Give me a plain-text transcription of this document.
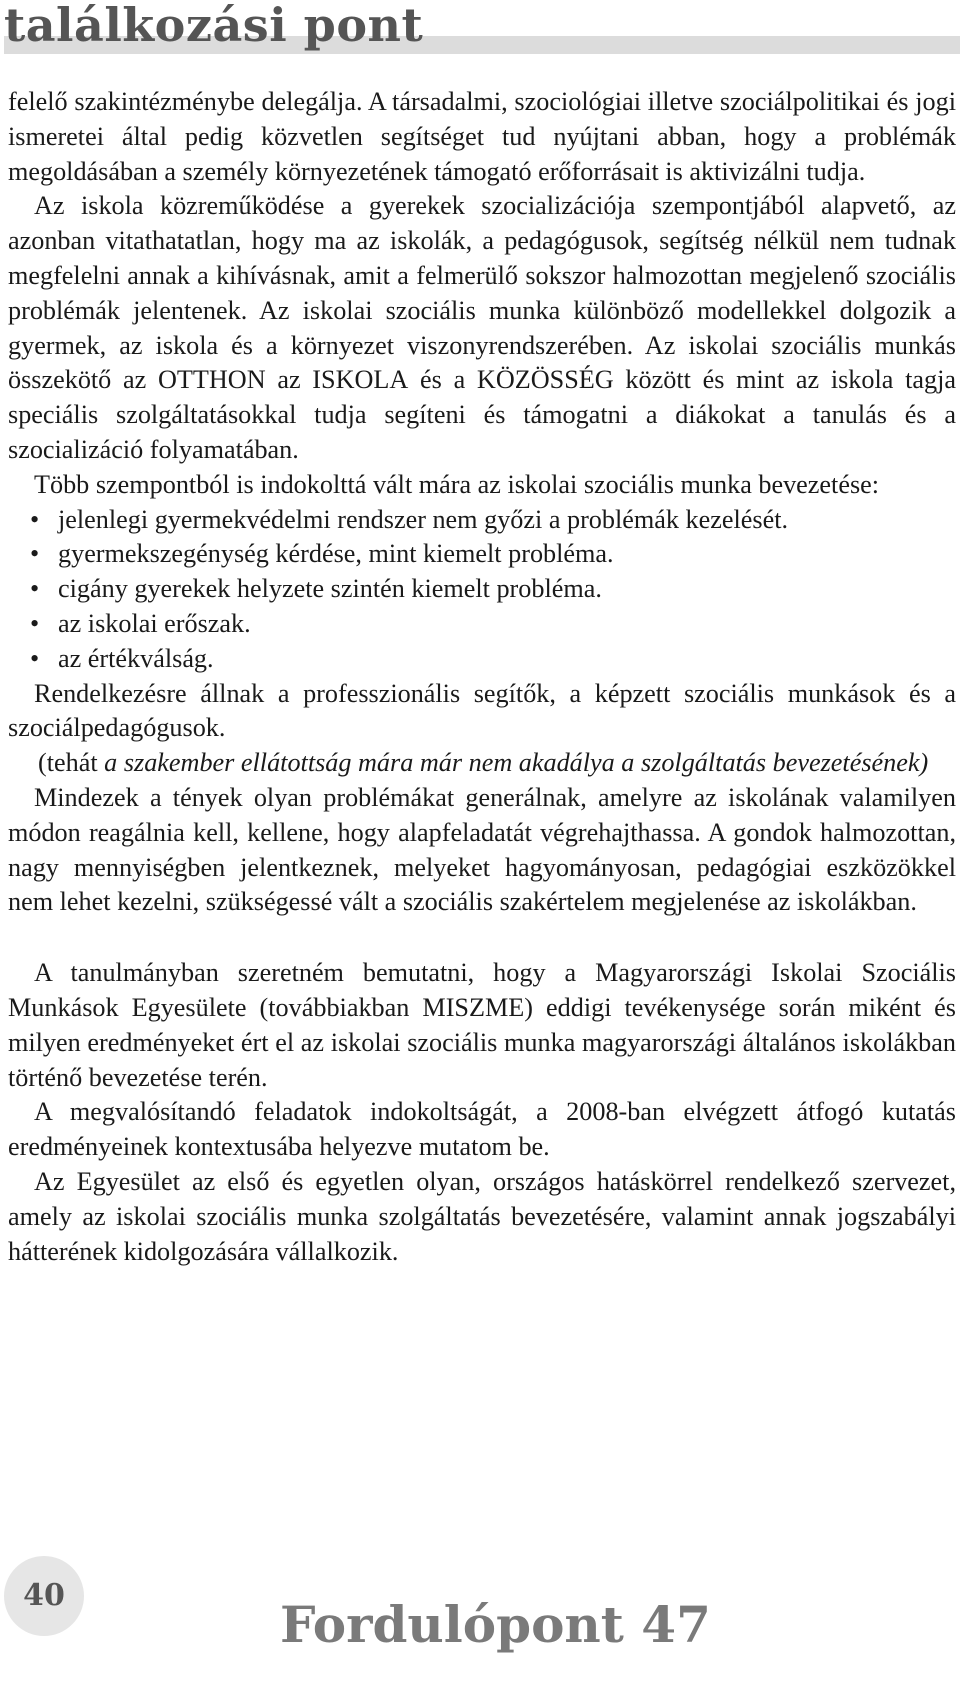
találkozási pont

felelő szakintézménybe delegálja. A társadalmi, szociológiai illetve szociálpolitikai és jogi ismeretei által pedig közvetlen segítséget tud nyújtani abban, hogy a problémák megoldásában a személy környezetének támogató erőforrásait is aktivizálni tudja.

Az iskola közreműködése a gyerekek szocializációja szempontjából alapvető, az azonban vitathatatlan, hogy ma az iskolák, a pedagógusok, segítség nélkül nem tudnak megfelelni annak a kihívásnak, amit a felmerülő sokszor halmozottan megjelenő szociális problémák jelentenek. Az iskolai szociális munka különböző modellekkel dolgozik a gyermek, az iskola és a környezet viszonyrendszerében. Az iskolai szociális munkás összekötő az OTTHON az ISKOLA és a KÖZÖSSÉG között és mint az iskola tagja speciális szolgáltatásokkal tudja segíteni és támogatni a diákokat a tanulás és a szocializáció folyamatában.

Több szempontból is indokolttá vált mára az iskolai szociális munka bevezetése:

• jelenlegi gyermekvédelmi rendszer nem győzi a problémák kezelését.
• gyermekszegénység kérdése, mint kiemelt probléma.
• cigány gyerekek helyzete szintén kiemelt probléma.
• az iskolai erőszak.
• az értékválság.

Rendelkezésre állnak a professzionális segítők, a képzett szociális munkások és a szociálpedagógusok.

(tehát a szakember ellátottság mára már nem akadálya a szolgáltatás bevezetésének)

Mindezek a tények olyan problémákat generálnak, amelyre az iskolának valamilyen módon reagálnia kell, kellene, hogy alapfeladatát végrehajthassa. A gondok halmozottan, nagy mennyiségben jelentkeznek, melyeket hagyományosan, pedagógiai eszközökkel nem lehet kezelni, szükségessé vált a szociális szakértelem megjelenése az iskolákban.

A tanulmányban szeretném bemutatni, hogy a Magyarországi Iskolai Szociális Munkások Egyesülete (továbbiakban MISZME) eddigi tevékenysége során miként és milyen eredményeket ért el az iskolai szociális munka magyarországi általános iskolákban történő bevezetése terén.

A megvalósítandó feladatok indokoltságát, a 2008-ban elvégzett átfogó kutatás eredményeinek kontextusába helyezve mutatom be.

Az Egyesület az első és egyetlen olyan, országos hatáskörrel rendelkező szervezet, amely az iskolai szociális munka szolgáltatás bevezetésére, valamint annak jogszabályi hátterének kidolgozására vállalkozik.

40	Fordulópont 47
